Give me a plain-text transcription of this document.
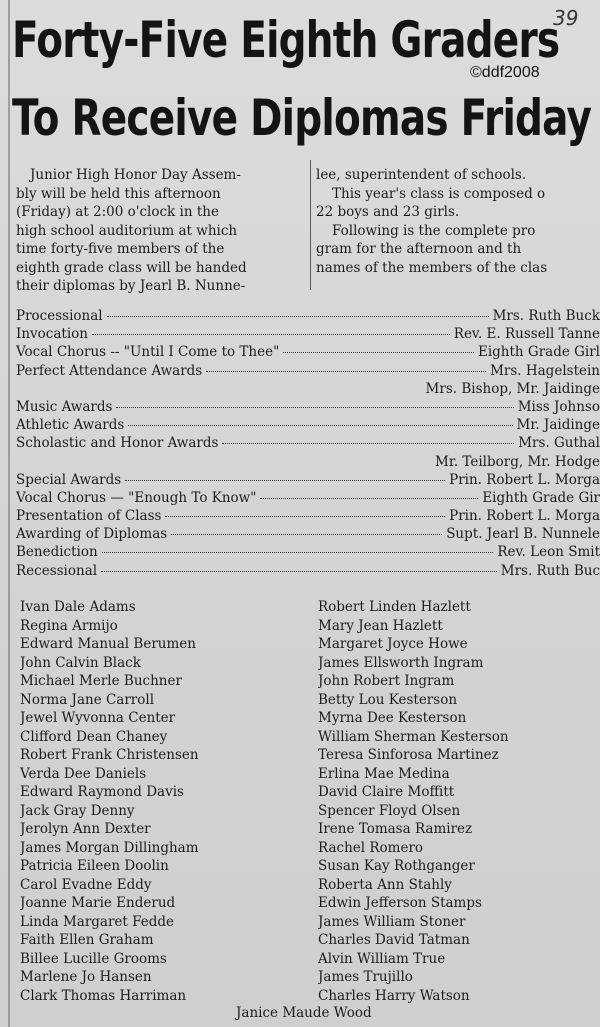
39
©ddf2008
Forty-Five Eighth Graders
To Receive Diplomas Friday
Junior High Honor Day Assem-
bly will be held this afternoon
(Friday) at 2:00 o'clock in the
high school auditorium at which
time forty-five members of the
eighth grade class will be handed
their diplomas by Jearl B. Nunne-
lee, superintendent of schools.
This year's class is composed o
22 boys and 23 girls.
Following is the complete pro
gram for the afternoon and th
names of the members of the clas
Processional	Mrs. Ruth Buck
Invocation	Rev. E. Russell Tanne
Vocal Chorus -- "Until I Come to Thee"	Eighth Grade Girl
Perfect Attendance Awards	Mrs. Hagelstein
Mrs. Bishop, Mr. Jaidinge
Music Awards	Miss Johnso
Athletic Awards	Mr. Jaidinge
Scholastic and Honor Awards	Mrs. Guthal
Mr. Teilborg, Mr. Hodge
Special Awards	Prin. Robert L. Morga
Vocal Chorus — "Enough To Know"	Eighth Grade Gir
Presentation of Class	Prin. Robert L. Morga
Awarding of Diplomas	Supt. Jearl B. Nunnele
Benediction	Rev. Leon Smit
Recessional	Mrs. Ruth Buc
Ivan Dale Adams
Regina Armijo
Edward Manual Berumen
John Calvin Black
Michael Merle Buchner
Norma Jane Carroll
Jewel Wyvonna Center
Clifford Dean Chaney
Robert Frank Christensen
Verda Dee Daniels
Edward Raymond Davis
Jack Gray Denny
Jerolyn Ann Dexter
James Morgan Dillingham
Patricia Eileen Doolin
Carol Evadne Eddy
Joanne Marie Enderud
Linda Margaret Fedde
Faith Ellen Graham
Billee Lucille Grooms
Marlene Jo Hansen
Clark Thomas Harriman
Robert Linden Hazlett
Mary Jean Hazlett
Margaret Joyce Howe
James Ellsworth Ingram
John Robert Ingram
Betty Lou Kesterson
Myrna Dee Kesterson
William Sherman Kesterson
Teresa Sinforosa Martinez
Erlina Mae Medina
David Claire Moffitt
Spencer Floyd Olsen
Irene Tomasa Ramirez
Rachel Romero
Susan Kay Rothganger
Roberta Ann Stahly
Edwin Jefferson Stamps
James William Stoner
Charles David Tatman
Alvin William True
James Trujillo
Charles Harry Watson
Janice Maude Wood
